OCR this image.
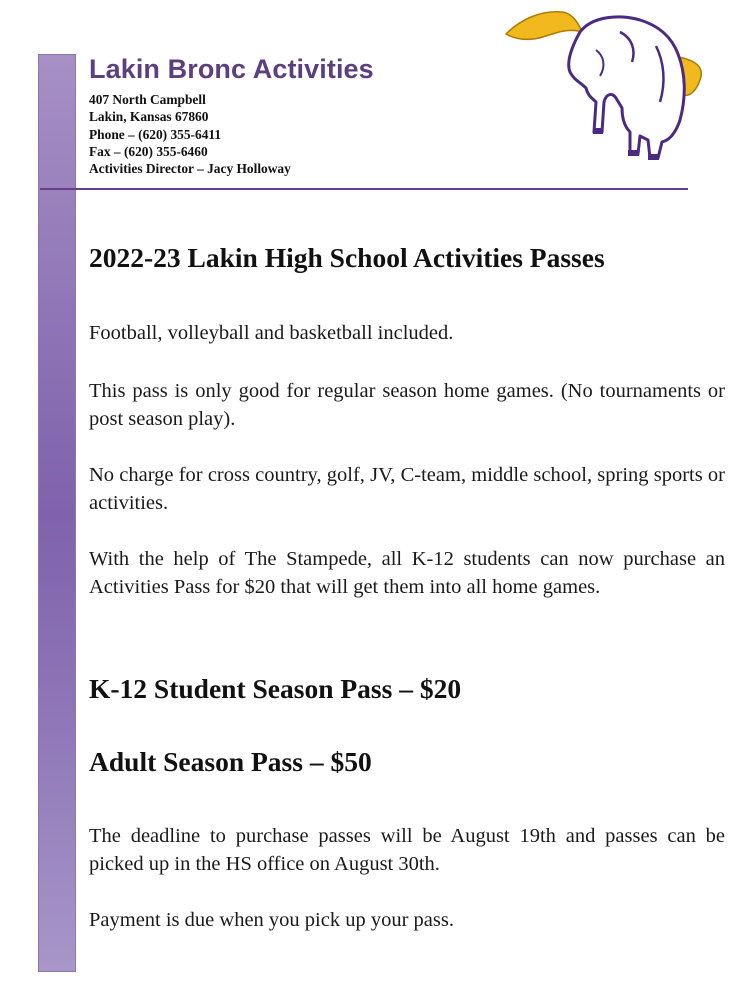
Lakin Bronc Activities
407 North Campbell
Lakin, Kansas 67860
Phone – (620) 355-6411
Fax – (620) 355-6460
Activities Director – Jacy Holloway
2022-23 Lakin High School Activities Passes
Football, volleyball and basketball included.
This pass is only good for regular season home games. (No tournaments or post season play).
No charge for cross country, golf, JV, C-team, middle school, spring sports or activities.
With the help of The Stampede, all K-12 students can now purchase an Activities Pass for $20 that will get them into all home games.
K-12 Student Season Pass – $20
Adult Season Pass – $50
The deadline to purchase passes will be August 19th and passes can be picked up in the HS office on August 30th.
Payment is due when you pick up your pass.
